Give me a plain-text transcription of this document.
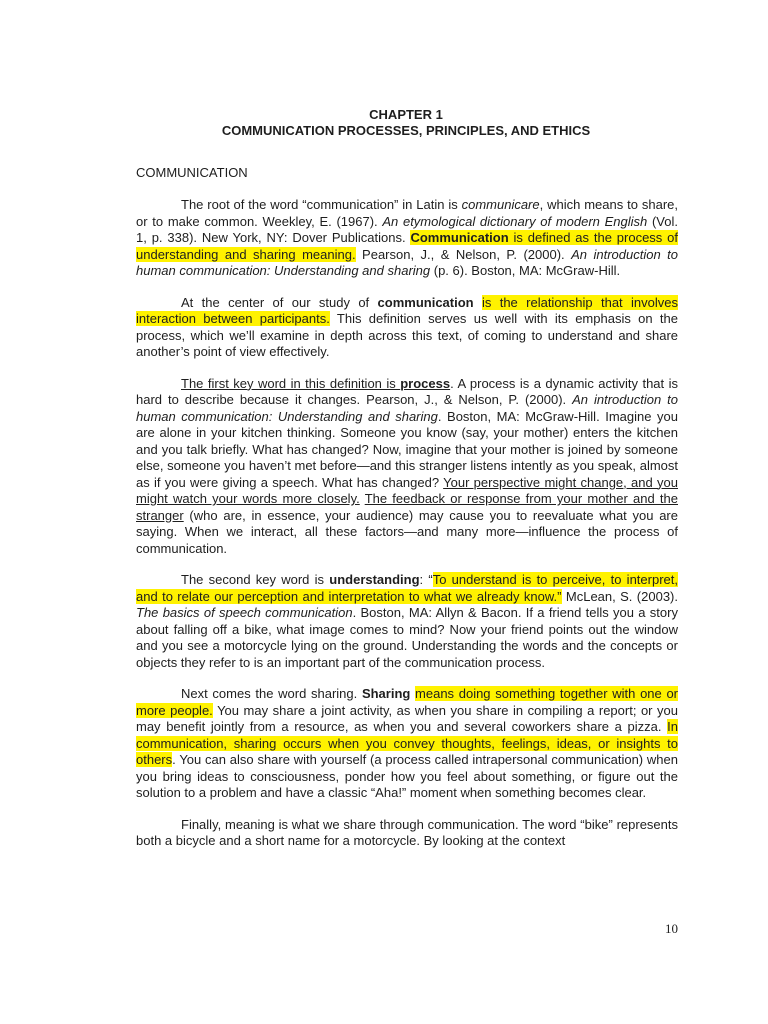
CHAPTER 1
COMMUNICATION PROCESSES, PRINCIPLES, AND ETHICS
COMMUNICATION

The root of the word “communication” in Latin is communicare, which means to share, or to make common. Weekley, E. (1967). An etymological dictionary of modern English (Vol. 1, p. 338). New York, NY: Dover Publications. Communication is defined as the process of understanding and sharing meaning. Pearson, J., & Nelson, P. (2000). An introduction to human communication: Understanding and sharing (p. 6). Boston, MA: McGraw-Hill.

At the center of our study of communication is the relationship that involves interaction between participants. This definition serves us well with its emphasis on the process, which we’ll examine in depth across this text, of coming to understand and share another’s point of view effectively.

The first key word in this definition is process. A process is a dynamic activity that is hard to describe because it changes. Pearson, J., & Nelson, P. (2000). An introduction to human communication: Understanding and sharing. Boston, MA: McGraw-Hill. Imagine you are alone in your kitchen thinking. Someone you know (say, your mother) enters the kitchen and you talk briefly. What has changed? Now, imagine that your mother is joined by someone else, someone you haven’t met before—and this stranger listens intently as you speak, almost as if you were giving a speech. What has changed? Your perspective might change, and you might watch your words more closely. The feedback or response from your mother and the stranger (who are, in essence, your audience) may cause you to reevaluate what you are saying. When we interact, all these factors—and many more—influence the process of communication.

The second key word is understanding: “To understand is to perceive, to interpret, and to relate our perception and interpretation to what we already know.” McLean, S. (2003). The basics of speech communication. Boston, MA: Allyn & Bacon. If a friend tells you a story about falling off a bike, what image comes to mind? Now your friend points out the window and you see a motorcycle lying on the ground. Understanding the words and the concepts or objects they refer to is an important part of the communication process.

Next comes the word sharing. Sharing means doing something together with one or more people. You may share a joint activity, as when you share in compiling a report; or you may benefit jointly from a resource, as when you and several coworkers share a pizza. In communication, sharing occurs when you convey thoughts, feelings, ideas, or insights to others. You can also share with yourself (a process called intrapersonal communication) when you bring ideas to consciousness, ponder how you feel about something, or figure out the solution to a problem and have a classic “Aha!” moment when something becomes clear.

Finally, meaning is what we share through communication. The word “bike” represents both a bicycle and a short name for a motorcycle. By looking at the context

10
